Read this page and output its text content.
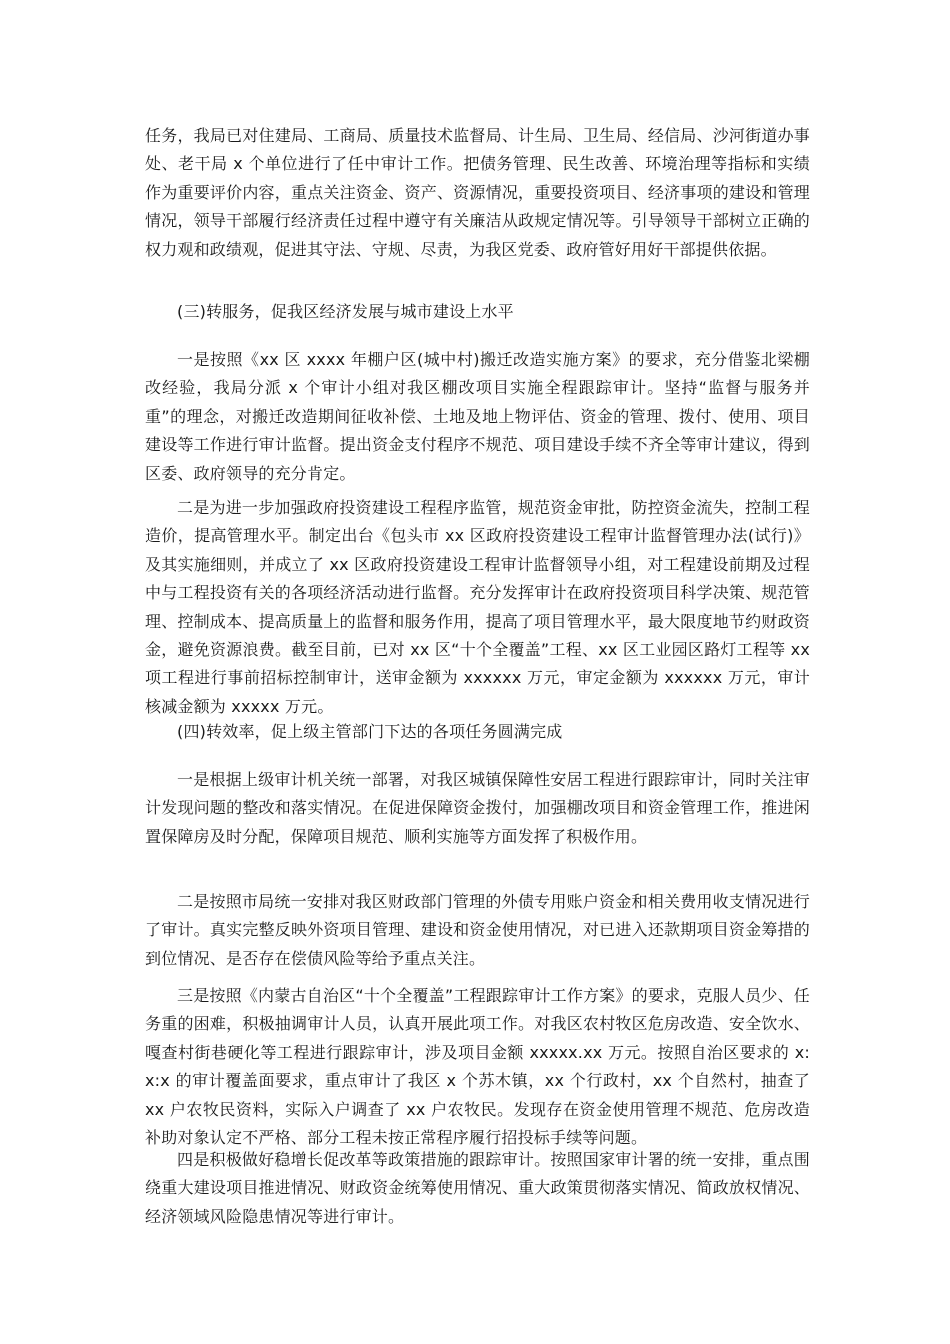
任务，我局已对住建局、工商局、质量技术监督局、计生局、卫生局、经信局、沙河街道办事处、老干局 x 个单位进行了任中审计工作。把债务管理、民生改善、环境治理等指标和实绩作为重要评价内容，重点关注资金、资产、资源情况，重要投资项目、经济事项的建设和管理情况，领导干部履行经济责任过程中遵守有关廉洁从政规定情况等。引导领导干部树立正确的权力观和政绩观，促进其守法、守规、尽责，为我区党委、政府管好用好干部提供依据。

(三)转服务，促我区经济发展与城市建设上水平

一是按照《xx 区 xxxx 年棚户区(城中村)搬迁改造实施方案》的要求，充分借鉴北梁棚改经验，我局分派 x 个审计小组对我区棚改项目实施全程跟踪审计。坚持“监督与服务并重”的理念，对搬迁改造期间征收补偿、土地及地上物评估、资金的管理、拨付、使用、项目建设等工作进行审计监督。提出资金支付程序不规范、项目建设手续不齐全等审计建议，得到区委、政府领导的充分肯定。

二是为进一步加强政府投资建设工程程序监管，规范资金审批，防控资金流失，控制工程造价，提高管理水平。制定出台《包头市 xx 区政府投资建设工程审计监督管理办法(试行)》及其实施细则，并成立了 xx 区政府投资建设工程审计监督领导小组，对工程建设前期及过程中与工程投资有关的各项经济活动进行监督。充分发挥审计在政府投资项目科学决策、规范管理、控制成本、提高质量上的监督和服务作用，提高了项目管理水平，最大限度地节约财政资金，避免资源浪费。截至目前，已对 xx 区“十个全覆盖”工程、xx 区工业园区路灯工程等 xx 项工程进行事前招标控制审计，送审金额为 xxxxxx 万元，审定金额为 xxxxxx 万元，审计核减金额为 xxxxx 万元。

(四)转效率，促上级主管部门下达的各项任务圆满完成

一是根据上级审计机关统一部署，对我区城镇保障性安居工程进行跟踪审计，同时关注审计发现问题的整改和落实情况。在促进保障资金拨付，加强棚改项目和资金管理工作，推进闲置保障房及时分配，保障项目规范、顺利实施等方面发挥了积极作用。

二是按照市局统一安排对我区财政部门管理的外债专用账户资金和相关费用收支情况进行了审计。真实完整反映外资项目管理、建设和资金使用情况，对已进入还款期项目资金筹措的到位情况、是否存在偿债风险等给予重点关注。

三是按照《内蒙古自治区“十个全覆盖”工程跟踪审计工作方案》的要求，克服人员少、任务重的困难，积极抽调审计人员，认真开展此项工作。对我区农村牧区危房改造、安全饮水、嘎查村街巷硬化等工程进行跟踪审计，涉及项目金额 xxxxx.xx 万元。按照自治区要求的 x:x:x 的审计覆盖面要求，重点审计了我区 x 个苏木镇，xx 个行政村，xx 个自然村，抽查了 xx 户农牧民资料，实际入户调查了 xx 户农牧民。发现存在资金使用管理不规范、危房改造补助对象认定不严格、部分工程未按正常程序履行招投标手续等问题。

四是积极做好稳增长促改革等政策措施的跟踪审计。按照国家审计署的统一安排，重点围绕重大建设项目推进情况、财政资金统筹使用情况、重大政策贯彻落实情况、简政放权情况、经济领域风险隐患情况等进行审计。
